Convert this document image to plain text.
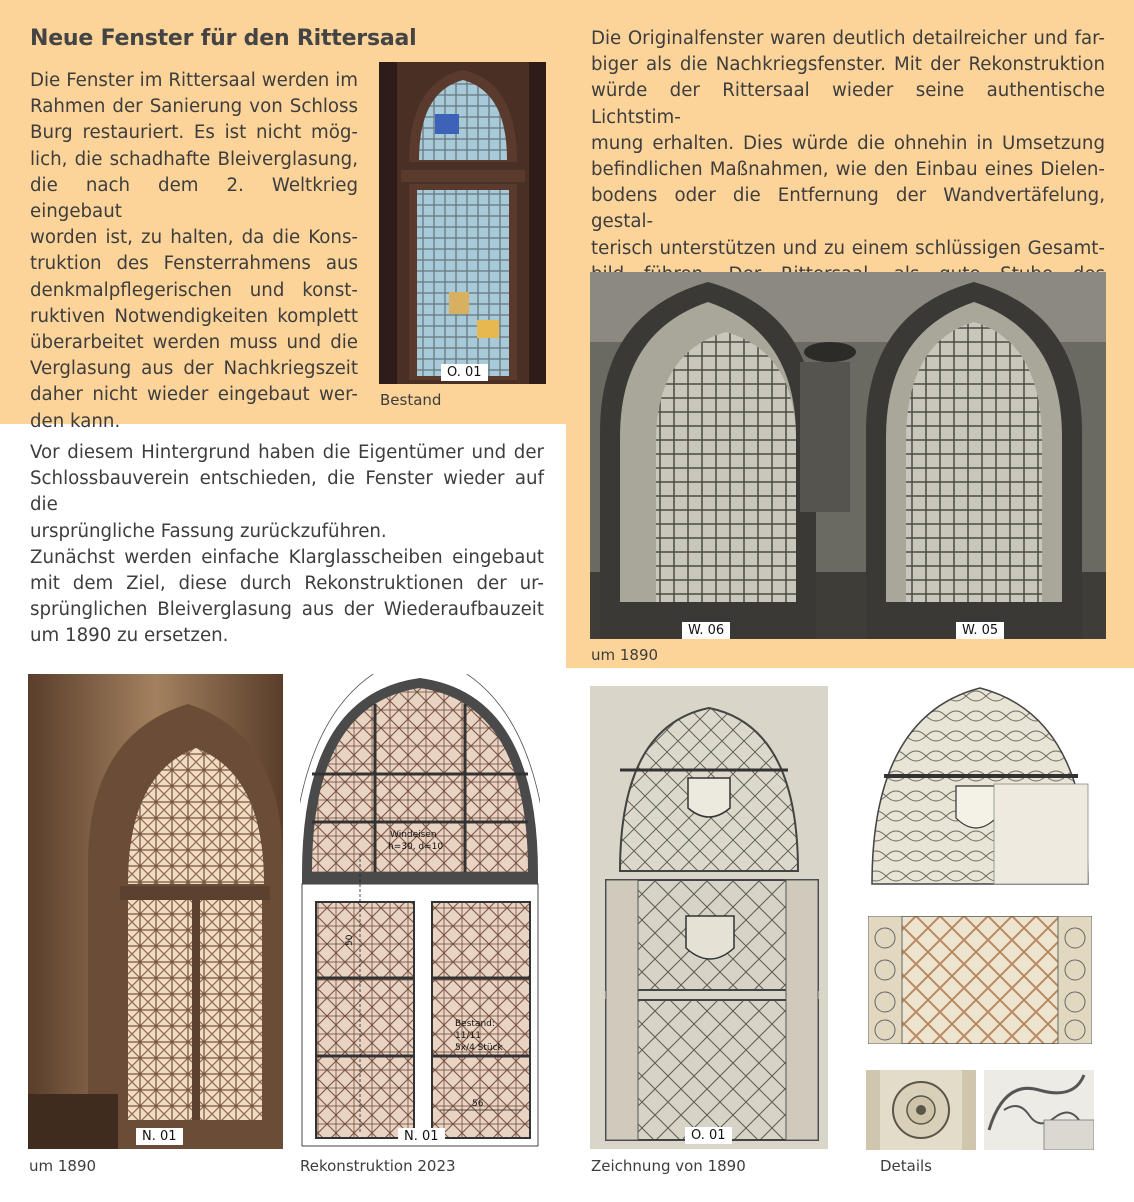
Neue Fenster für den Rittersaal
Die Fenster im Rittersaal werden im
Rahmen der Sanierung von Schloss
Burg restauriert. Es ist nicht mög-
lich, die schadhafte Bleiverglasung,
die nach dem 2. Weltkrieg eingebaut
worden ist, zu halten, da die Kons-
truktion des Fensterrahmens aus
denkmalpflegerischen und konst-
ruktiven Notwendigkeiten komplett
überarbeitet werden muss und die
Verglasung aus der Nachkriegszeit
daher nicht wieder eingebaut wer-
den kann.
Die Originalfenster waren deutlich detailreicher und far-
biger als die Nachkriegsfenster. Mit der Rekonstruktion
würde der Rittersaal wieder seine authentische Lichtstim-
mung erhalten. Dies würde die ohnehin in Umsetzung
befindlichen Maßnahmen, wie den Einbau eines Dielen-
bodens oder die Entfernung der Wandvertäfelung, gestal-
terisch unterstützen und zu einem schlüssigen Gesamt-
Vor diesem Hintergrund haben die Eigentümer und der
Schlossbauverein entschieden, die Fenster wieder auf die
ursprüngliche Fassung zurückzuführen.
Zunächst werden einfache Klarglasscheiben eingebaut
mit dem Ziel, diese durch Rekonstruktionen der ur-
sprünglichen Bleiverglasung aus der Wiederaufbauzeit
um 1890 zu ersetzen.
O. 01
Bestand
W. 06	W. 05
um 1890
N. 01
um 1890
Windeisen
h=30, d=10
Bestand:
11/11
5x/4 Stück
50
56
N. 01
Rekonstruktion 2023
O. 01
Zeichnung von 1890	Details
